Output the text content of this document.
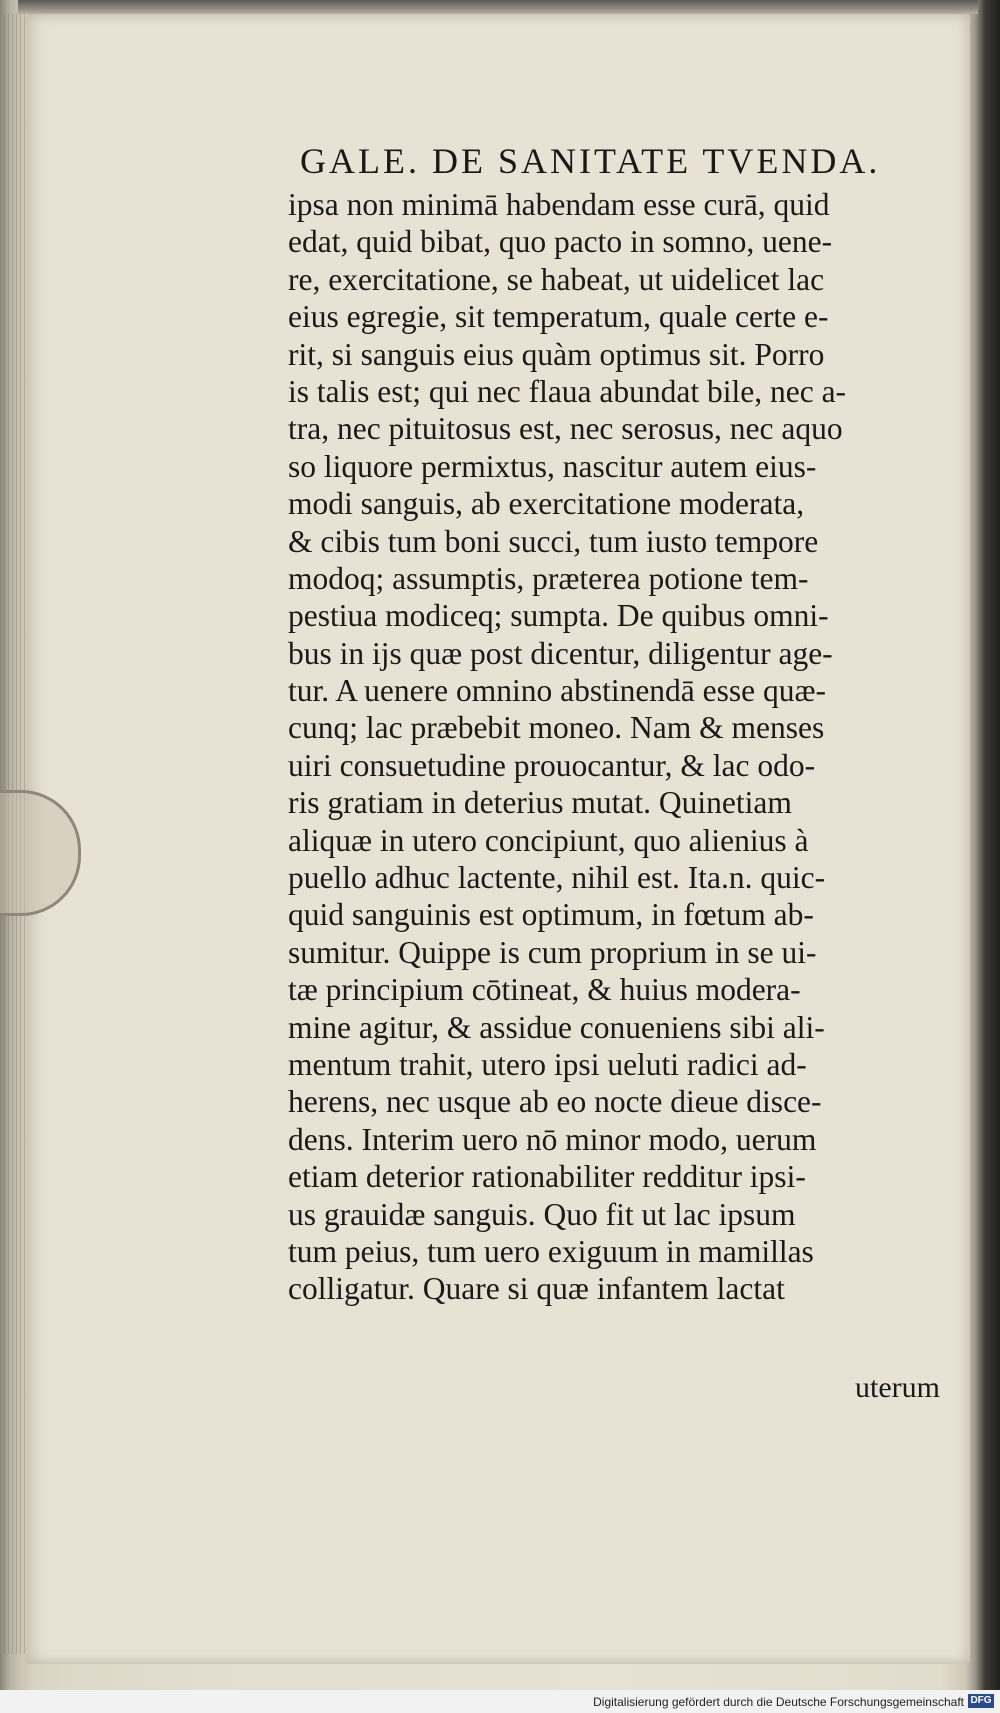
GALE. DE SANITATE TVENDA.
ipsa non minimā habendam esse curā, quid
edat, quid bibat, quo pacto in somno, uene-
re, exercitatione, se habeat, ut uidelicet lac
eius egregie, sit temperatum, quale certe e-
rit, si sanguis eius quàm optimus sit. Porro
is talis est; qui nec flaua abundat bile, nec a-
tra, nec pituitosus est, nec serosus, nec aquo
so liquore permixtus, nascitur autem eius-
modi sanguis, ab exercitatione moderata,
& cibis tum boni succi, tum iusto tempore
modoq; assumptis, præterea potione tem-
pestiua modiceq; sumpta. De quibus omni-
bus in ijs quæ post dicentur, diligentur age-
tur. A uenere omnino abstinendā esse quæ-
cunq; lac præbebit moneo. Nam & menses
uiri consuetudine prouocantur, & lac odo-
ris gratiam in deterius mutat. Quinetiam
aliquæ in utero concipiunt, quo alienius à
puello adhuc lactente, nihil est. Ita.n. quic-
quid sanguinis est optimum, in fœtum ab-
sumitur. Quippe is cum proprium in se ui-
tæ principium cōtineat, & huius modera-
mine agitur, & assidue conueniens sibi ali-
mentum trahit, utero ipsi ueluti radici ad-
herens, nec usque ab eo nocte dieue disce-
dens. Interim uero nō minor modo, uerum
etiam deterior rationabiliter redditur ipsi-
us grauidæ sanguis. Quo fit ut lac ipsum
tum peius, tum uero exiguum in mamillas
colligatur. Quare si quæ infantem lactat
uterum
Digitalisierung gefördert durch die Deutsche Forschungsgemeinschaft DFG
